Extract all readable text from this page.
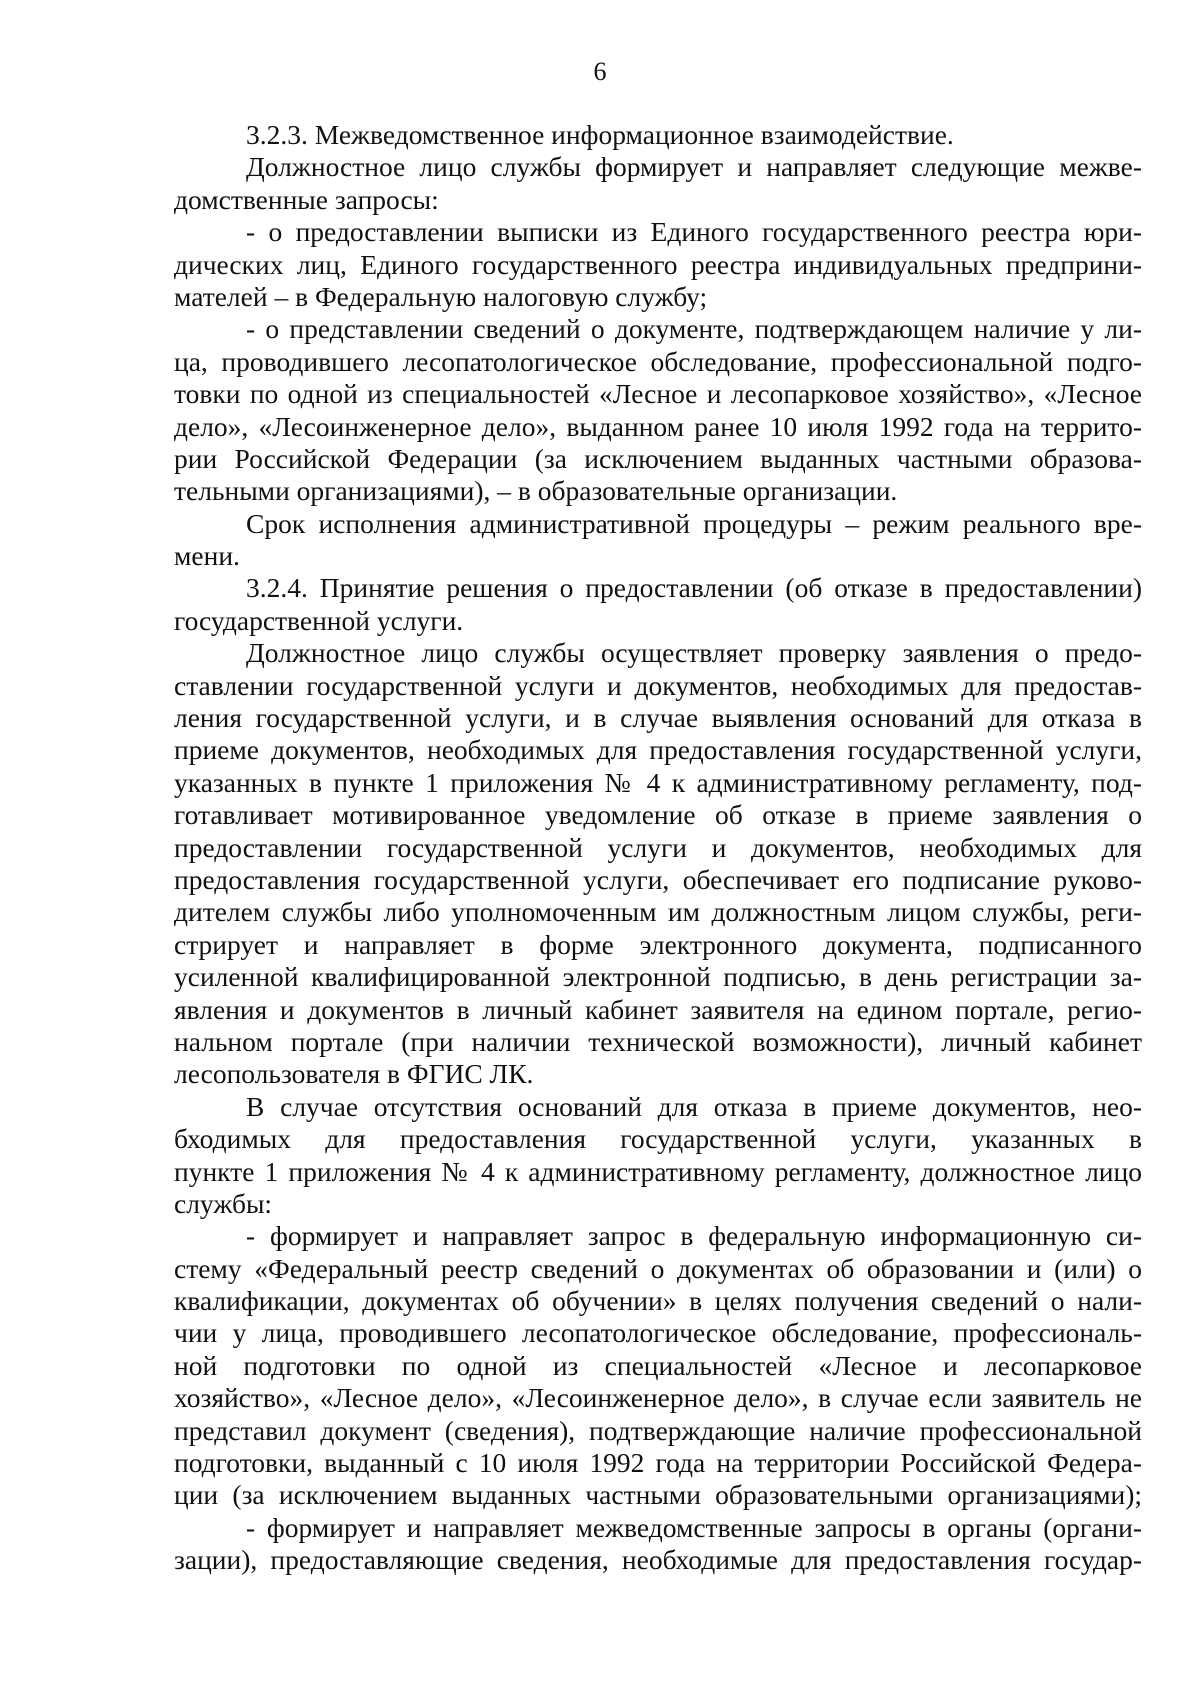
6
3.2.3. Межведомственное информационное взаимодействие.
Должностное лицо службы формирует и направляет следующие межве-
домственные запросы:
- о предоставлении выписки из Единого государственного реестра юри-
дических лиц, Единого государственного реестра индивидуальных предприни-
мателей – в Федеральную налоговую службу;
- о представлении сведений о документе, подтверждающем наличие у ли-
ца, проводившего лесопатологическое обследование, профессиональной подго-
товки по одной из специальностей «Лесное и лесопарковое хозяйство», «Лесное
дело», «Лесоинженерное дело», выданном ранее 10 июля 1992 года на террито-
рии Российской Федерации (за исключением выданных частными образова-
тельными организациями), – в образовательные организации.
Срок исполнения административной процедуры – режим реального вре-
мени.
3.2.4. Принятие решения о предоставлении (об отказе в предоставлении)
государственной услуги.
Должностное лицо службы осуществляет проверку заявления о предо-
ставлении государственной услуги и документов, необходимых для предостав-
ления государственной услуги, и в случае выявления оснований для отказа в
приеме документов, необходимых для предоставления государственной услуги,
указанных в пункте 1 приложения № 4 к административному регламенту, под-
готавливает мотивированное уведомление об отказе в приеме заявления о
предоставлении государственной услуги и документов, необходимых для
предоставления государственной услуги, обеспечивает его подписание руково-
дителем службы либо уполномоченным им должностным лицом службы, реги-
стрирует и направляет в форме электронного документа, подписанного
усиленной квалифицированной электронной подписью, в день регистрации за-
явления и документов в личный кабинет заявителя на едином портале, регио-
нальном портале (при наличии технической возможности), личный кабинет
лесопользователя в ФГИС ЛК.
В случае отсутствия оснований для отказа в приеме документов, нео-
бходимых для предоставления государственной услуги, указанных в
пункте 1 приложения № 4 к административному регламенту, должностное лицо
службы:
- формирует и направляет запрос в федеральную информационную си-
стему «Федеральный реестр сведений о документах об образовании и (или) о
квалификации, документах об обучении» в целях получения сведений о нали-
чии у лица, проводившего лесопатологическое обследование, профессиональ-
ной подготовки по одной из специальностей «Лесное и лесопарковое
хозяйство», «Лесное дело», «Лесоинженерное дело», в случае если заявитель не
представил документ (сведения), подтверждающие наличие профессиональной
подготовки, выданный с 10 июля 1992 года на территории Российской Федера-
ции (за исключением выданных частными образовательными организациями);
- формирует и направляет межведомственные запросы в органы (органи-
зации), предоставляющие сведения, необходимые для предоставления государ-
